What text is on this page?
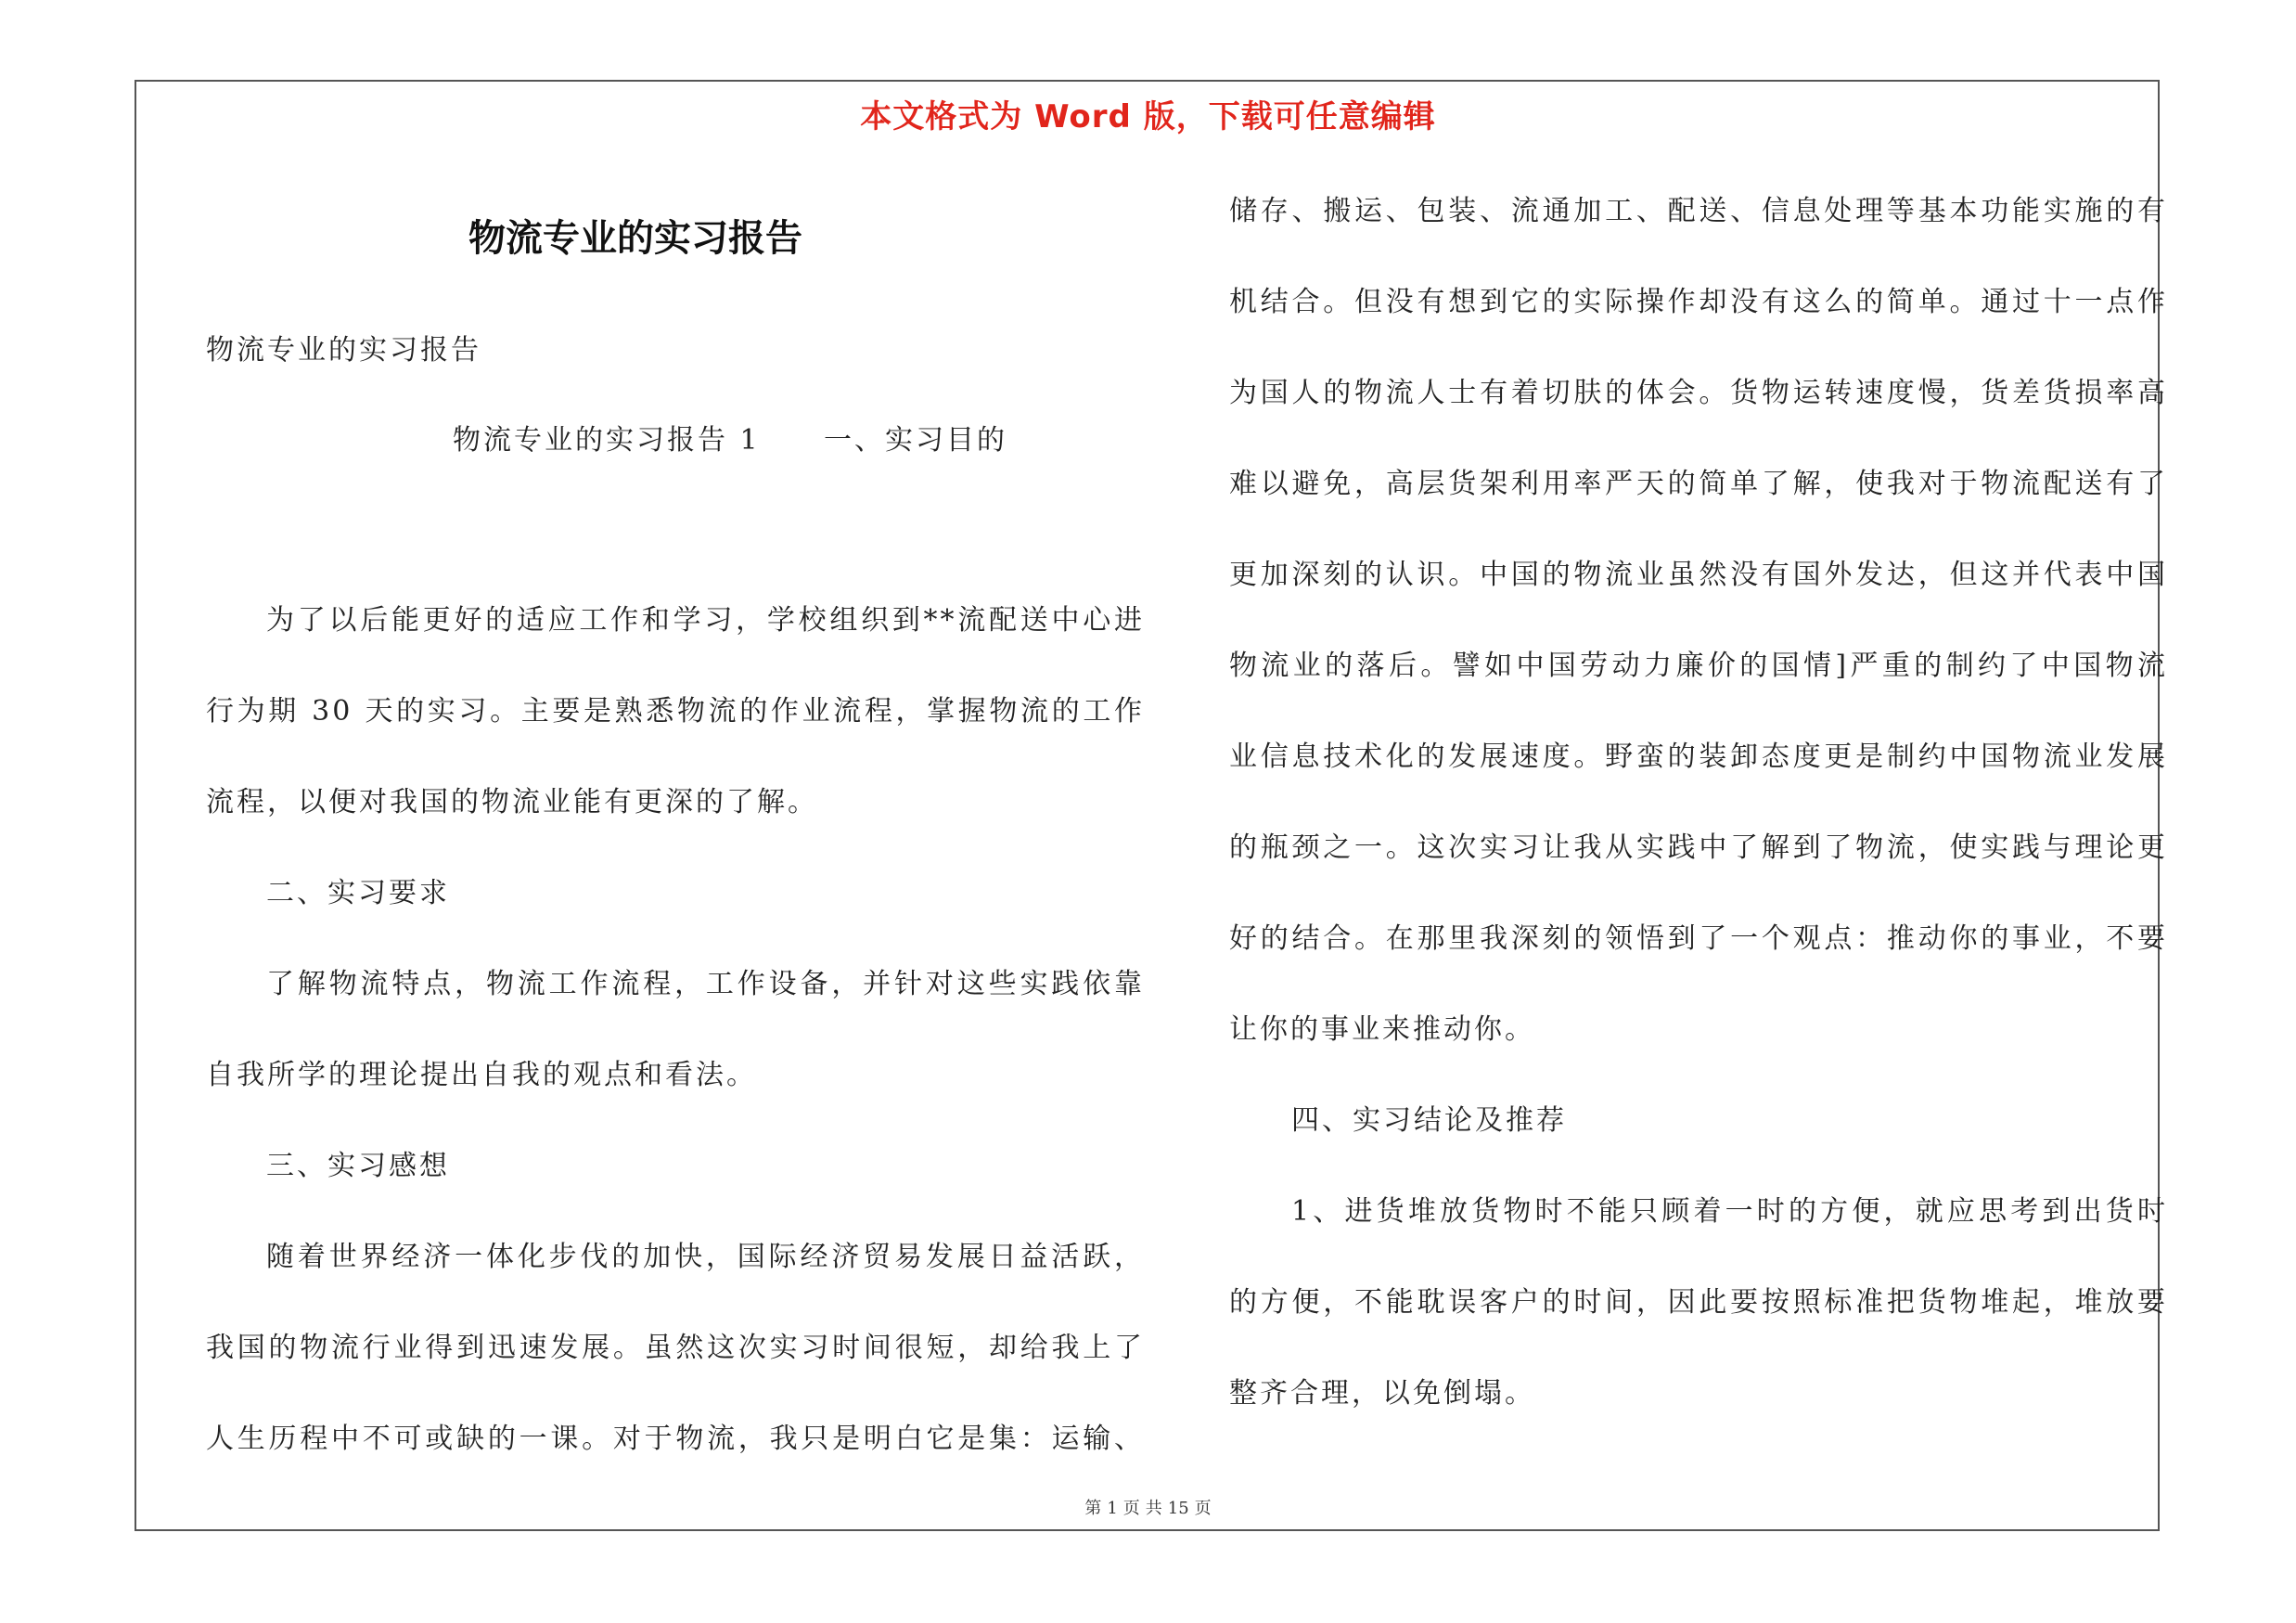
本文格式为 Word 版，下载可任意编辑
物流专业的实习报告
物流专业的实习报告
物流专业的实习报告 1 一、实习目的
为了以后能更好的适应工作和学习，学校组织到**流配送中心进
行为期 30 天的实习。主要是熟悉物流的作业流程，掌握物流的工作
流程，以便对我国的物流业能有更深的了解。
二、实习要求
了解物流特点，物流工作流程，工作设备，并针对这些实践依靠
自我所学的理论提出自我的观点和看法。
三、实习感想
随着世界经济一体化步伐的加快，国际经济贸易发展日益活跃，
我国的物流行业得到迅速发展。虽然这次实习时间很短，却给我上了
人生历程中不可或缺的一课。对于物流，我只是明白它是集：运输、
储存、搬运、包装、流通加工、配送、信息处理等基本功能实施的有
机结合。但没有想到它的实际操作却没有这么的简单。通过十一点作
为国人的物流人士有着切肤的体会。货物运转速度慢，货差货损率高
难以避免，高层货架利用率严天的简单了解，使我对于物流配送有了
更加深刻的认识。中国的物流业虽然没有国外发达，但这并代表中国
物流业的落后。譬如中国劳动力廉价的国情]严重的制约了中国物流
业信息技术化的发展速度。野蛮的装卸态度更是制约中国物流业发展
的瓶颈之一。这次实习让我从实践中了解到了物流，使实践与理论更
好的结合。在那里我深刻的领悟到了一个观点：推动你的事业，不要
让你的事业来推动你。
四、实习结论及推荐
1、进货堆放货物时不能只顾着一时的方便，就应思考到出货时
的方便，不能耽误客户的时间，因此要按照标准把货物堆起，堆放要
整齐合理，以免倒塌。
第 1 页 共 15 页
